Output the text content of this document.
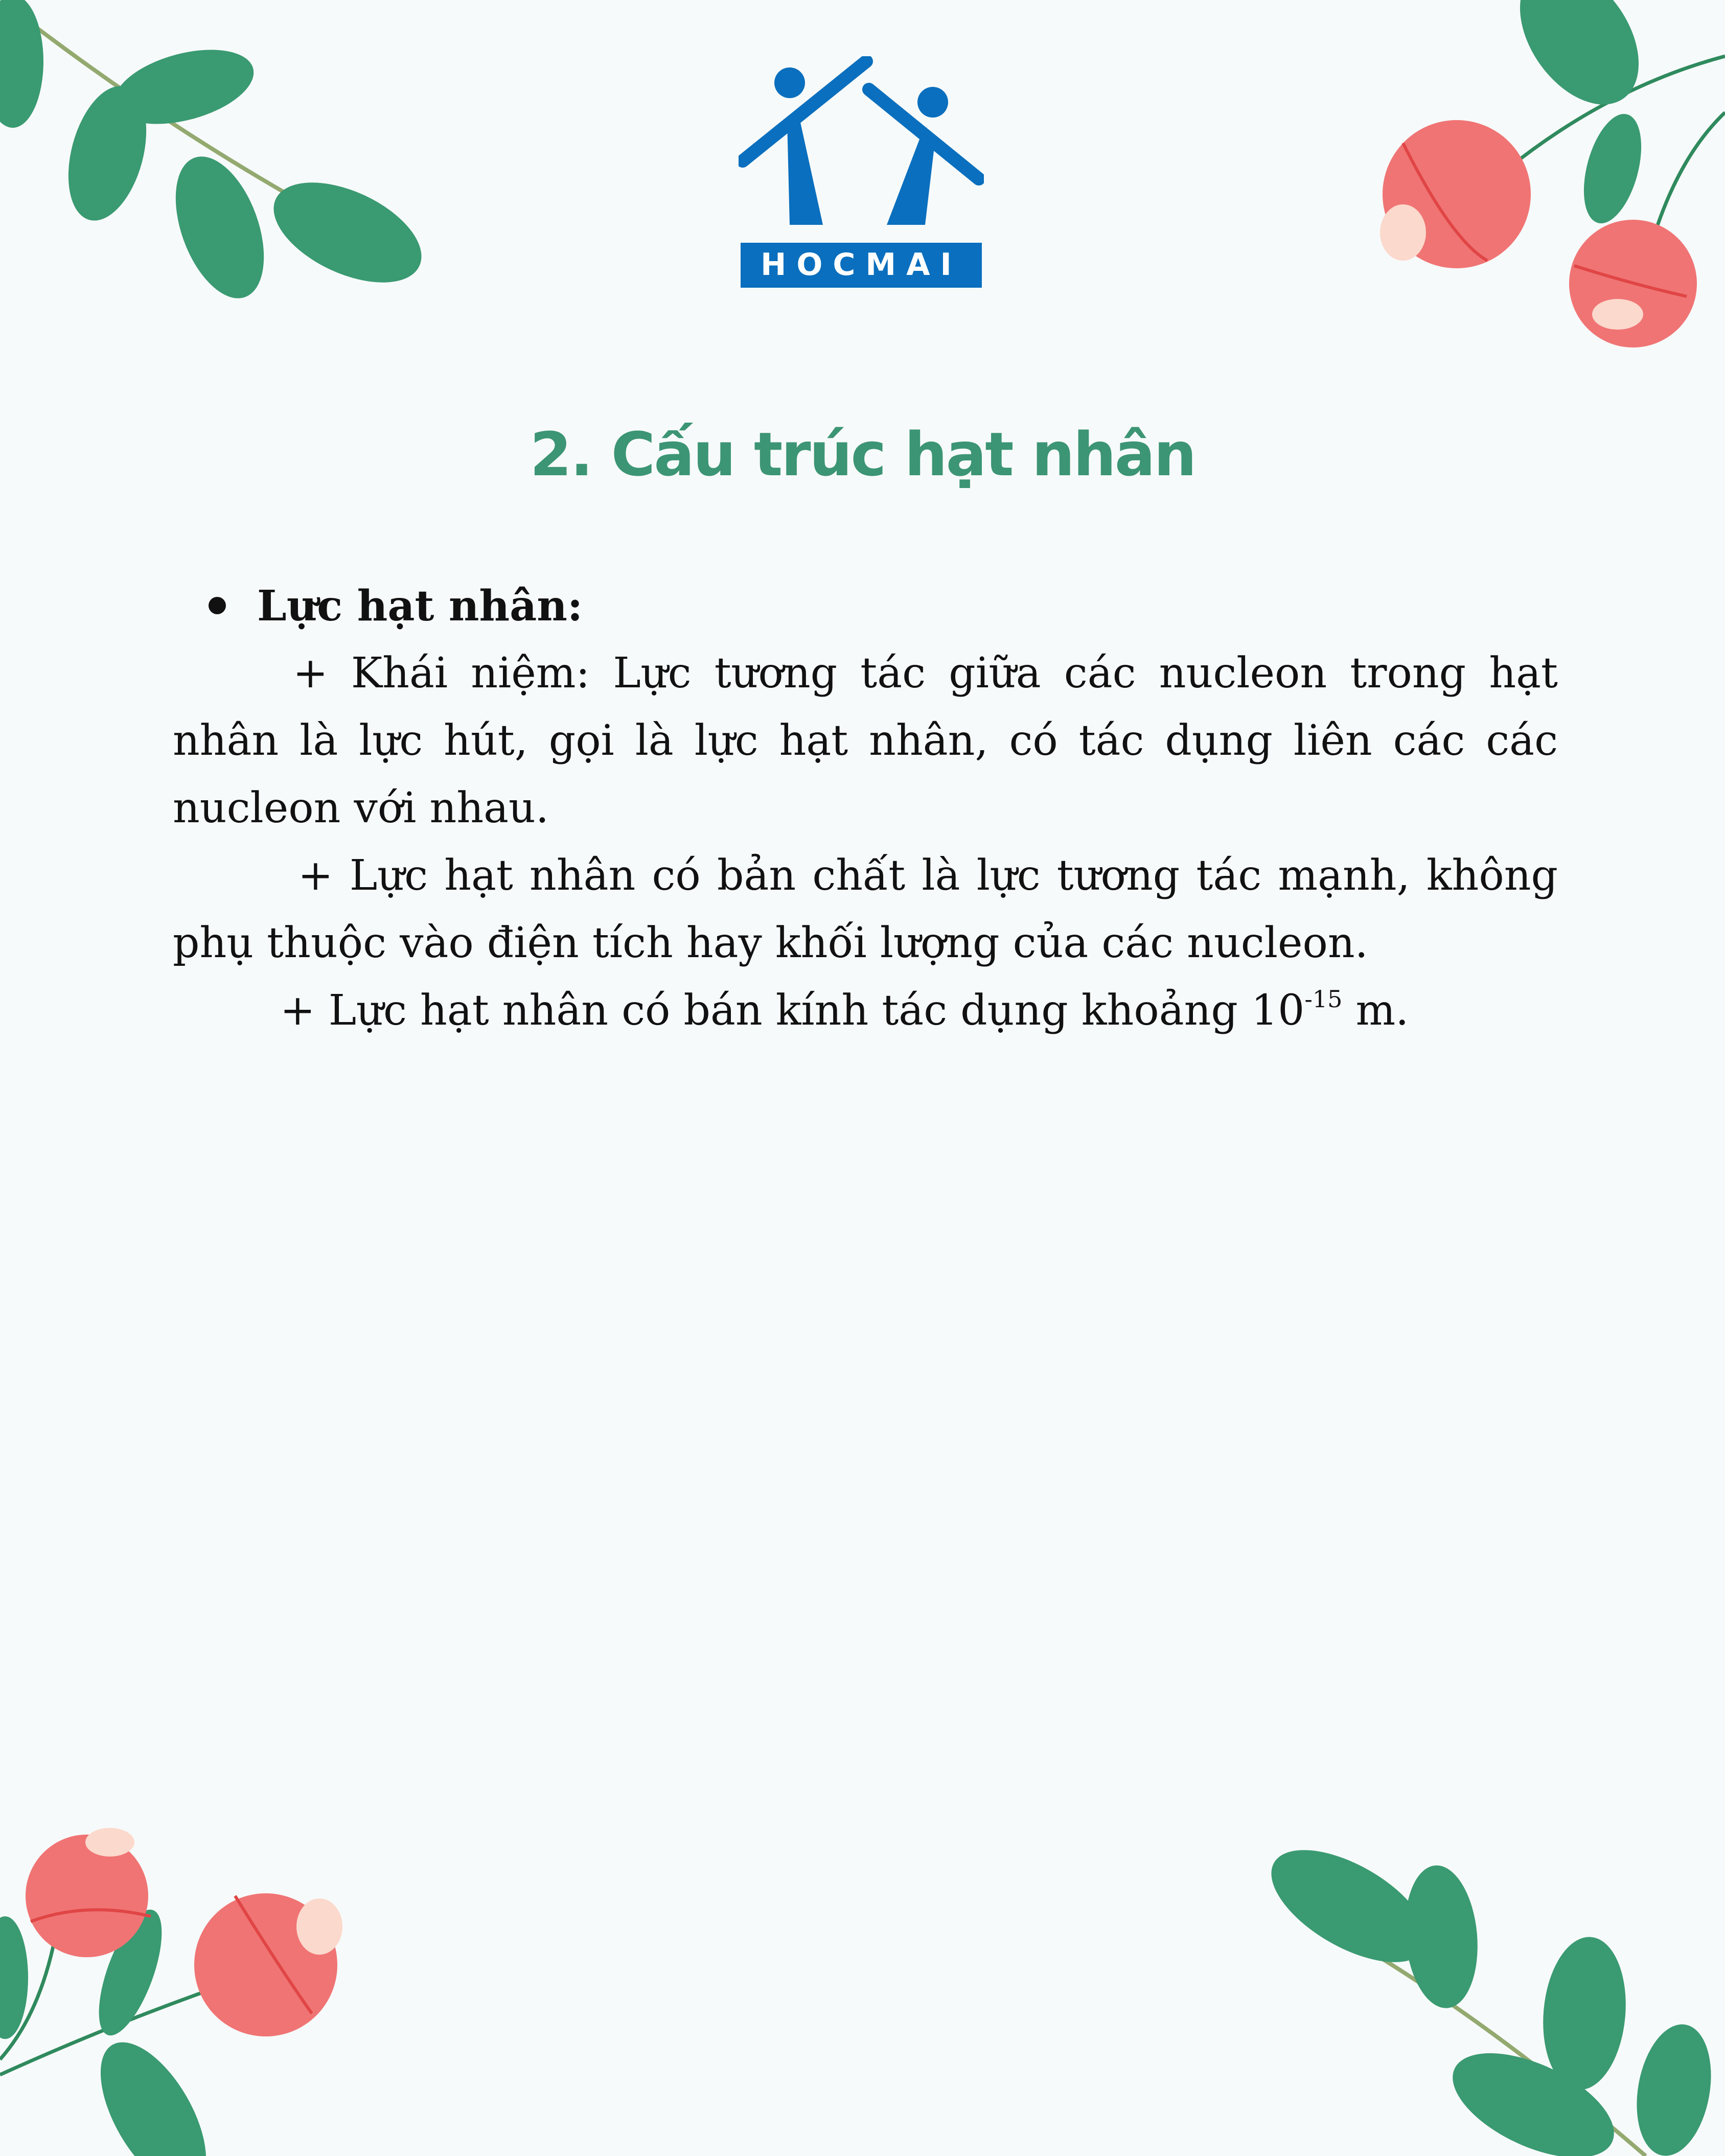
HOCMAI
2. Cấu trúc hạt nhân
Lực hạt nhân:
+ Khái niệm: Lực tương tác giữa các nucleon trong hạt nhân là lực hút, gọi là lực hạt nhân, có tác dụng liên các các nucleon với nhau.
+ Lực hạt nhân có bản chất là lực tương tác mạnh, không phụ thuộc vào điện tích hay khối lượng của các nucleon.
+ Lực hạt nhân có bán kính tác dụng khoảng $10^{-15}$ m.
